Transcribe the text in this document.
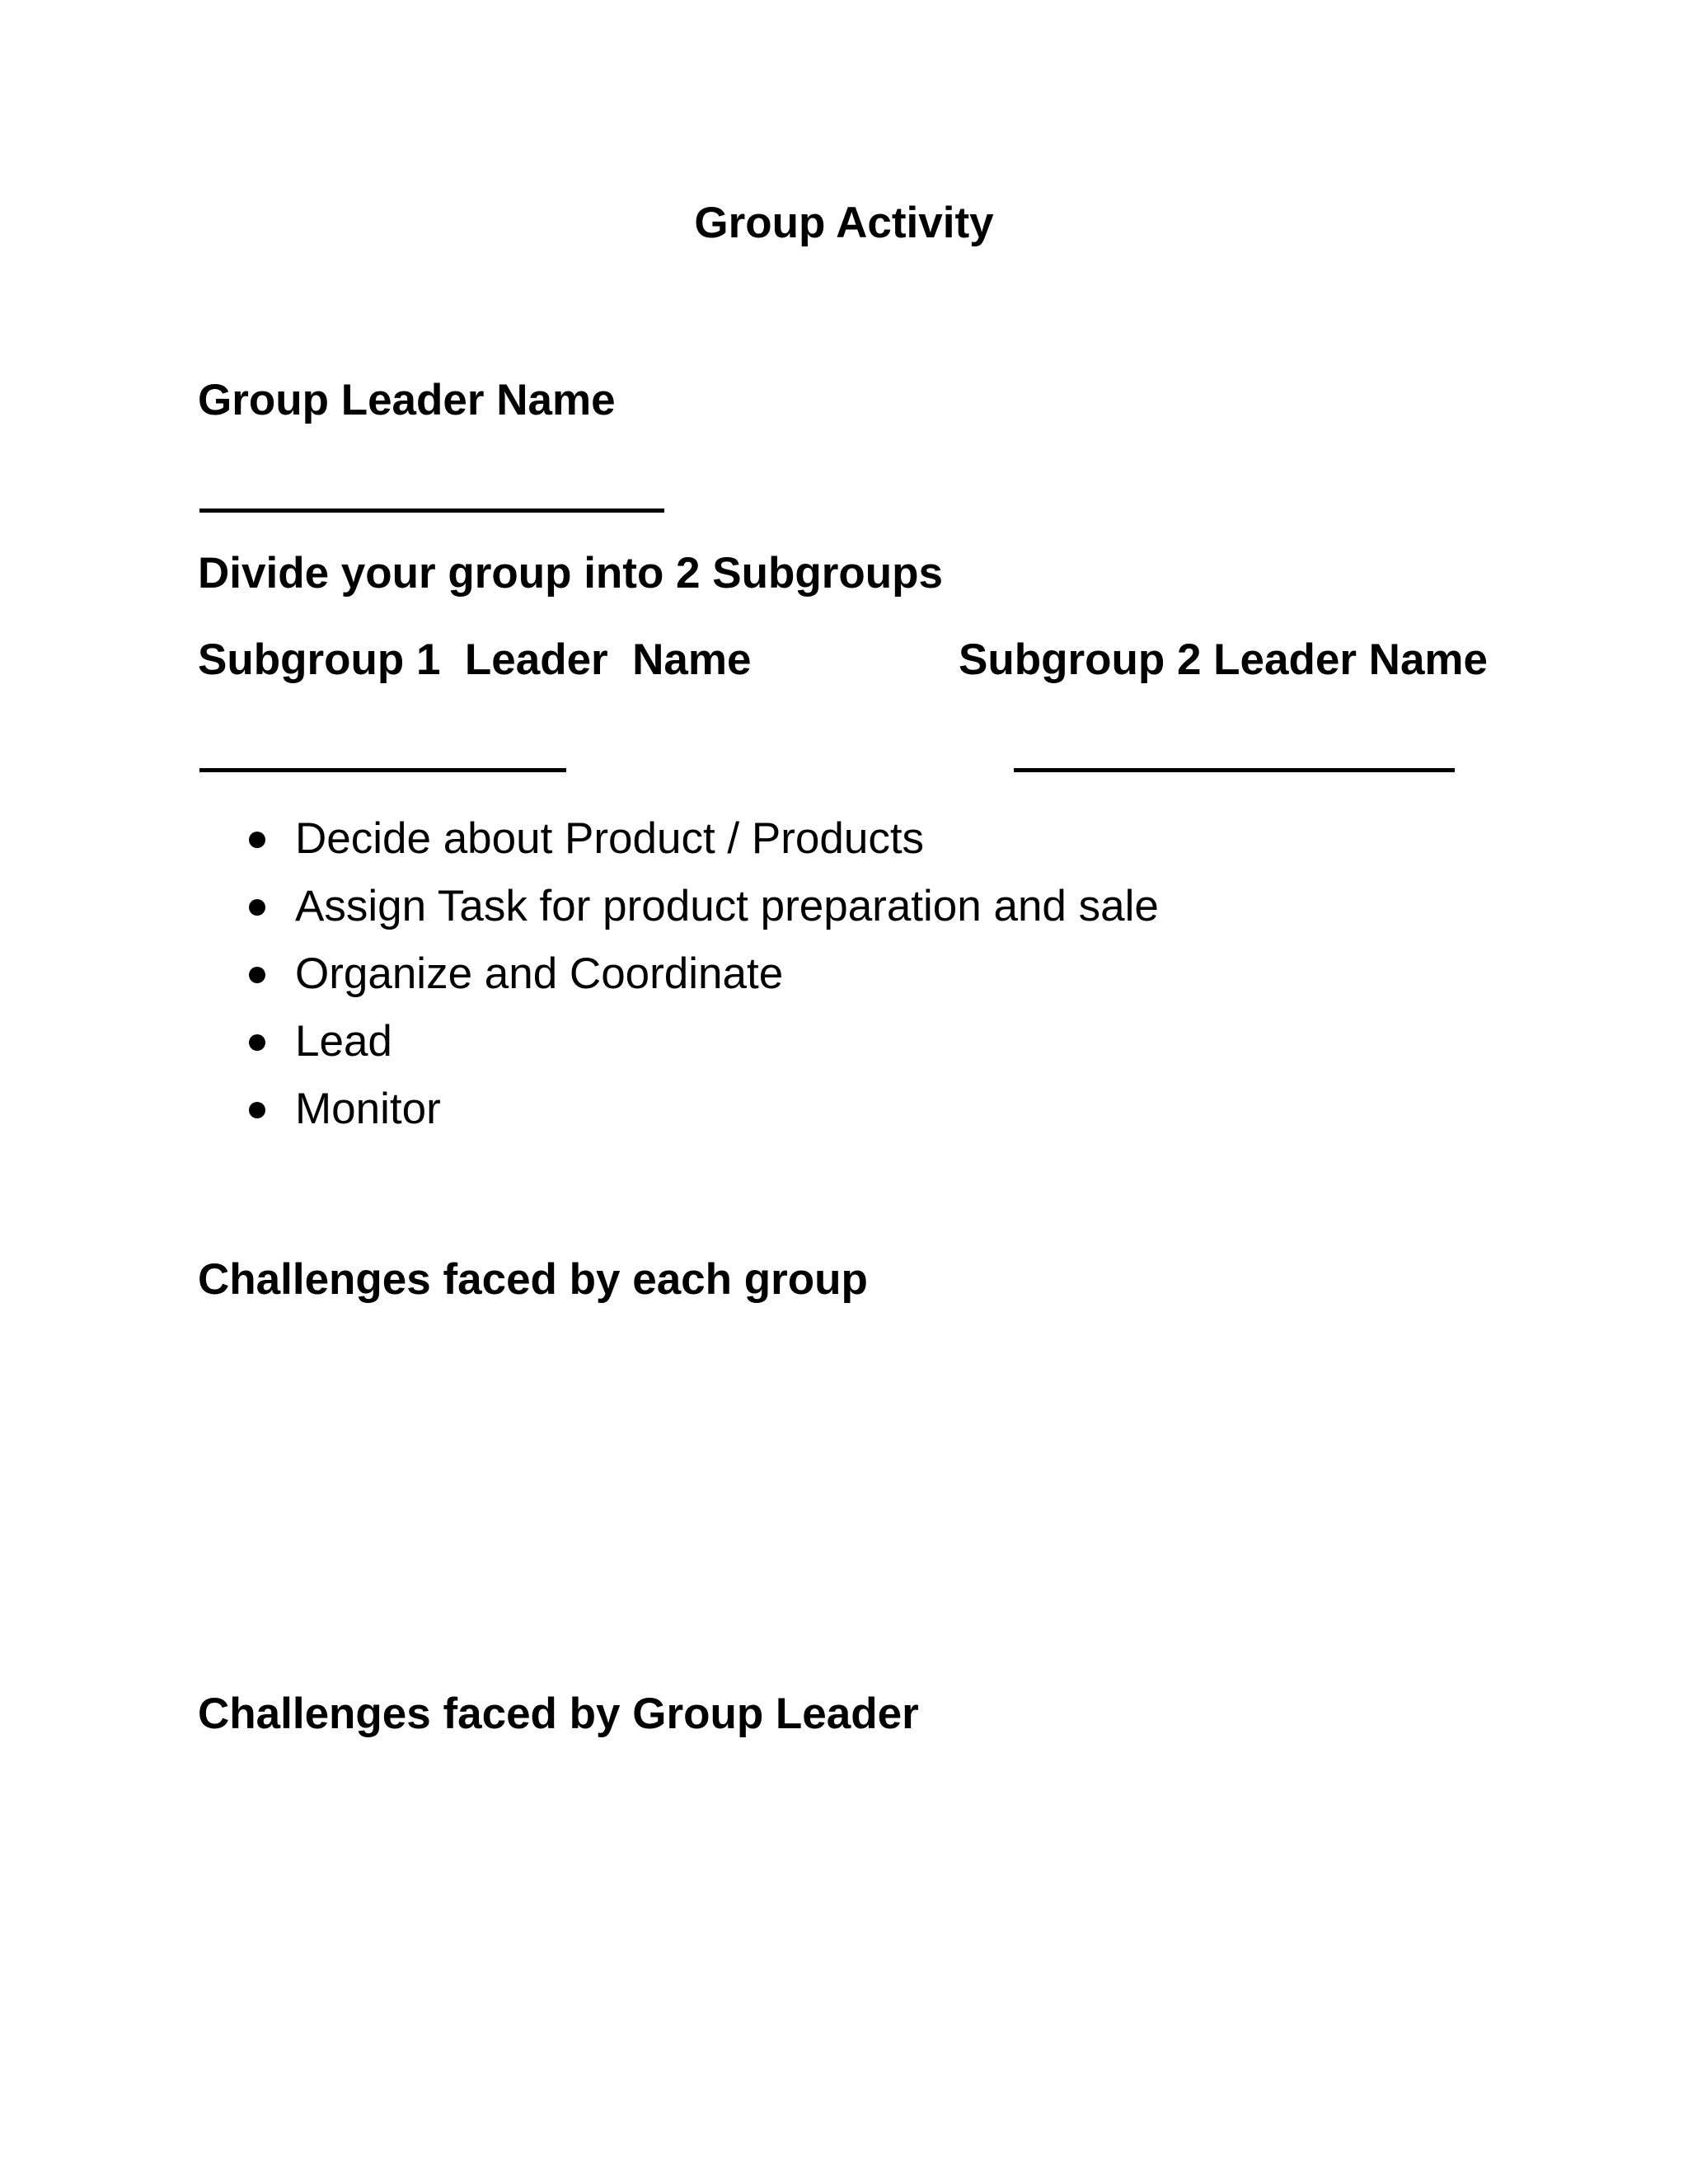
Group Activity
Group Leader Name
Divide your group into 2 Subgroups
Subgroup 1  Leader  Name	Subgroup 2 Leader Name
Decide about Product / Products
Assign Task for product preparation and sale
Organize and Coordinate
Lead
Monitor
Challenges faced by each group
Challenges faced by Group Leader
